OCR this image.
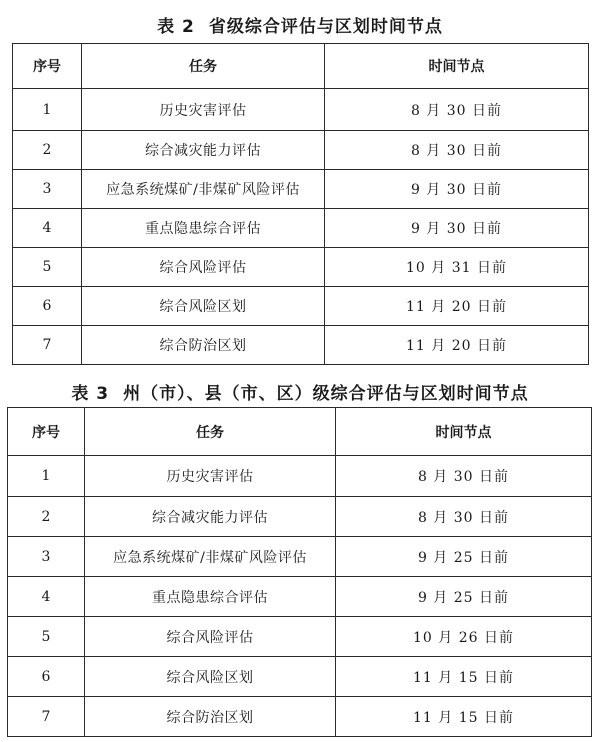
表 2 省级综合评估与区划时间节点
序号	任务	时间节点
1	历史灾害评估	8 月 30 日前
2	综合减灾能力评估	8 月 30 日前
3	应急系统煤矿/非煤矿风险评估	9 月 30 日前
4	重点隐患综合评估	9 月 30 日前
5	综合风险评估	10 月 31 日前
6	综合风险区划	11 月 20 日前
7	综合防治区划	11 月 20 日前
表 3 州（市）、县（市、区）级综合评估与区划时间节点
序号	任务	时间节点
1	历史灾害评估	8 月 30 日前
2	综合减灾能力评估	8 月 30 日前
3	应急系统煤矿/非煤矿风险评估	9 月 25 日前
4	重点隐患综合评估	9 月 25 日前
5	综合风险评估	10 月 26 日前
6	综合风险区划	11 月 15 日前
7	综合防治区划	11 月 15 日前
